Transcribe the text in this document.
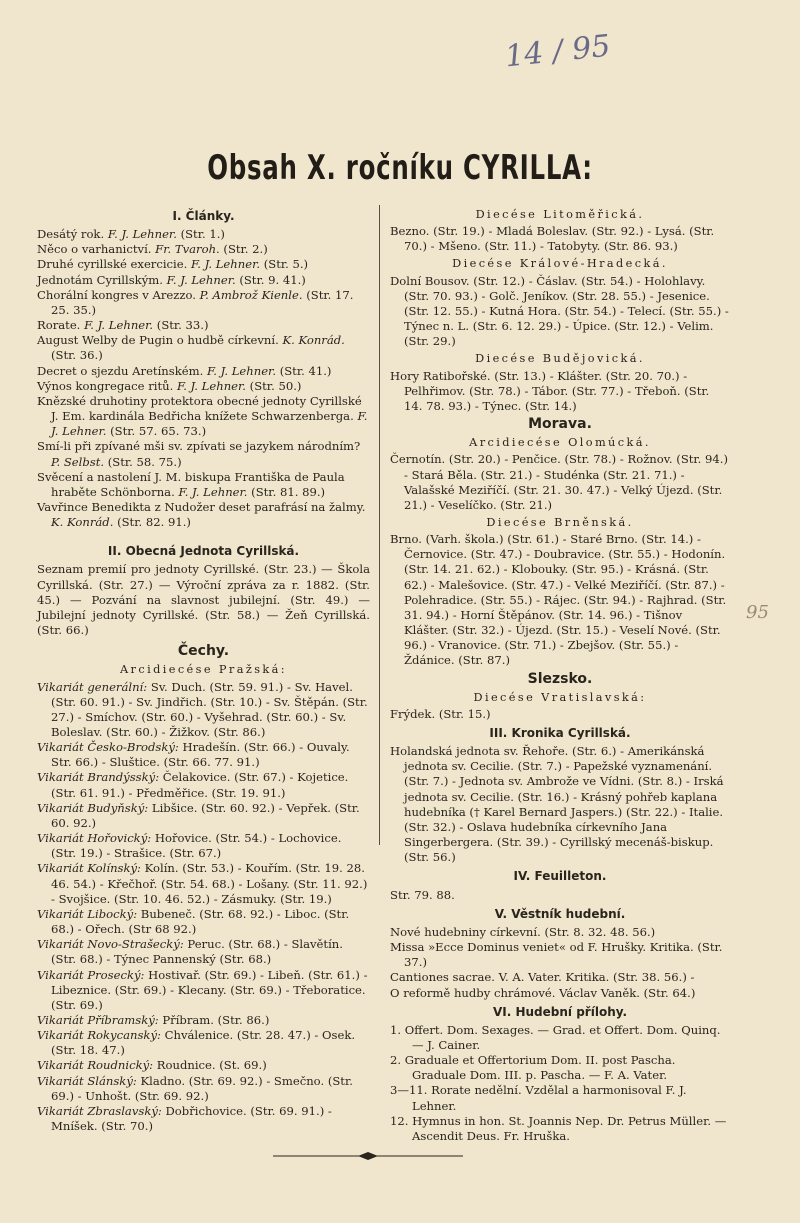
14 / 95
95
Obsah X. ročníku CYRILLA:
I. Články.

Desátý rok. F. J. Lehner. (Str. 1.)

Něco o varhanictví. Fr. Tvaroh. (Str. 2.)

Druhé cyrillské exercicie. F. J. Lehner. (Str. 5.)

Jednotám Cyrillským. F. J. Lehner. (Str. 9. 41.)

Chorální kongres v Arezzo. P. Ambrož Kienle. (Str. 17. 25. 35.)

Rorate. F. J. Lehner. (Str. 33.)

August Welby de Pugin o hudbě církevní. K. Konrád. (Str. 36.)

Decret o sjezdu Aretínském. F. J. Lehner. (Str. 41.)

Výnos kongregace ritů. F. J. Lehner. (Str. 50.)

Knězské druhotiny protektora obecné jednoty Cyrillské J. Em. kardinála Bedřicha knížete Schwarzenberga. F. J. Lehner. (Str. 57. 65. 73.)

Smí-li při zpívané mši sv. zpívati se jazykem národním? P. Selbst. (Str. 58. 75.)

Svěcení a nastolení J. M. biskupa Františka de Paula hraběte Schönborna. F. J. Lehner. (Str. 81. 89.)

Vavřince Benedikta z Nudožer deset parafrásí na žalmy. K. Konrád. (Str. 82. 91.)

II. Obecná Jednota Cyrillská.

Seznam premií pro jednoty Cyrillské. (Str. 23.) — Škola Cyrillská. (Str. 27.) — Výroční zpráva za r. 1882. (Str. 45.) — Pozvání na slavnost jubilejní. (Str. 49.) — Jubilejní jednoty Cyrillské. (Str. 58.) — Žeň Cyrillská. (Str. 66.)

Čechy.
Arcidiecése Pražská:

Vikariát generální: Sv. Duch. (Str. 59. 91.) - Sv. Havel. (Str. 60. 91.) - Sv. Jindřich. (Str. 10.) - Sv. Štěpán. (Str. 27.) - Smíchov. (Str. 60.) - Vyšehrad. (Str. 60.) - Sv. Boleslav. (Str. 60.) - Žižkov. (Str. 86.)

Vikariát Česko-Brodský: Hradešín. (Str. 66.) - Ouvaly. Str. 66.) - Sluštice. (Str. 66. 77. 91.)

Vikariát Brandýsský: Čelakovice. (Str. 67.) - Kojetice. (Str. 61. 91.) - Předměřice. (Str. 19. 91.)

Vikariát Budyňský: Libšice. (Str. 60. 92.) - Vepřek. (Str. 60. 92.)

Vikariát Hořovický: Hořovice. (Str. 54.) - Lochovice. (Str. 19.) - Strašice. (Str. 67.)

Vikariát Kolínský: Kolín. (Str. 53.) - Kouřím. (Str. 19. 28. 46. 54.) - Křečhoř. (Str. 54. 68.) - Lošany. (Str. 11. 92.) - Svojšice. (Str. 10. 46. 52.) - Zásmuky. (Str. 19.)

Vikariát Libocký: Bubeneč. (Str. 68. 92.) - Liboc. (Str. 68.) - Ořech. (Str 68 92.)

Vikariát Novo-Strašecký: Peruc. (Str. 68.) - Slavětín. (Str. 68.) - Týnec Pannenský (Str. 68.)

Vikariát Prosecký: Hostivař. (Str. 69.) - Libeň. (Str. 61.) - Libeznice. (Str. 69.) - Klecany. (Str. 69.) - Třeboratice. (Str. 69.)

Vikariát Příbramský: Příbram. (Str. 86.)

Vikariát Rokycanský: Chválenice. (Str. 28. 47.) - Osek. (Str. 18. 47.)

Vikariát Roudnický: Roudnice. (St. 69.)

Vikariát Slánský: Kladno. (Str. 69. 92.) - Smečno. (Str. 69.) - Unhošt. (Str. 69. 92.)

Vikariát Zbraslavský: Dobřichovice. (Str. 69. 91.) - Mníšek. (Str. 70.)

Diecése Litoměřická.

Bezno. (Str. 19.) - Mladá Boleslav. (Str. 92.) - Lysá. (Str. 70.) - Mšeno. (Str. 11.) - Tatobyty. (Str. 86. 93.)

Diecése Králové-Hradecká.

Dolní Bousov. (Str. 12.) - Čáslav. (Str. 54.) - Holohlavy. (Str. 70. 93.) - Golč. Jeníkov. (Str. 28. 55.) - Jesenice. (Str. 12. 55.) - Kutná Hora. (Str. 54.) - Telecí. (Str. 55.) - Týnec n. L. (Str. 6. 12. 29.) - Úpice. (Str. 12.) - Velim. (Str. 29.)

Diecése Budějovická.

Hory Ratibořské. (Str. 13.) - Klášter. (Str. 20. 70.) - Pelhřimov. (Str. 78.) - Tábor. (Str. 77.) - Třeboň. (Str. 14. 78. 93.) - Týnec. (Str. 14.)

Morava.
Arcidiecése Olomúcká.

Černotín. (Str. 20.) - Penčice. (Str. 78.) - Rožnov. (Str. 94.) - Stará Běla. (Str. 21.) - Studénka (Str. 21. 71.) - Valašské Meziříčí. (Str. 21. 30. 47.) - Velký Újezd. (Str. 21.) - Veselíčko. (Str. 21.)

Diecése Brněnská.

Brno. (Varh. škola.) (Str. 61.) - Staré Brno. (Str. 14.) - Černovice. (Str. 47.) - Doubravice. (Str. 55.) - Hodonín. (Str. 14. 21. 62.) - Klobouky. (Str. 95.) - Krásná. (Str. 62.) - Malešovice. (Str. 47.) - Velké Meziříčí. (Str. 87.) - Polehradice. (Str. 55.) - Rájec. (Str. 94.) - Rajhrad. (Str. 31. 94.) - Horní Štěpánov. (Str. 14. 96.) - Tišnov Klášter. (Str. 32.) - Újezd. (Str. 15.) - Veselí Nové. (Str. 96.) - Vranovice. (Str. 71.) - Zbejšov. (Str. 55.) - Ždánice. (Str. 87.)

Slezsko.
Diecése Vratislavská:

Frýdek. (Str. 15.)

III. Kronika Cyrillská.

Holandská jednota sv. Řehoře. (Str. 6.) - Amerikánská jednota sv. Cecilie. (Str. 7.) - Papežské vyznamenání. (Str. 7.) - Jednota sv. Ambrože ve Vídni. (Str. 8.) - Irská jednota sv. Cecilie. (Str. 16.) - Krásný pohřeb kaplana hudebníka († Karel Bernard Jaspers.) (Str. 22.) - Italie. (Str. 32.) - Oslava hudebníka církevního Jana Singerbergera. (Str. 39.) - Cyrillský mecenáš-biskup. (Str. 56.)

IV. Feuilleton.

Str. 79. 88.

V. Věstník hudební.

Nové hudebniny církevní. (Str. 8. 32. 48. 56.)

Missa »Ecce Dominus veniet« od F. Hrušky. Kritika. (Str. 37.)

Cantiones sacrae. V. A. Vater. Kritika. (Str. 38. 56.) -

O reformě hudby chrámové. Václav Vaněk. (Str. 64.)

VI. Hudební přílohy.

1. Offert. Dom. Sexages. — Grad. et Offert. Dom. Quinq. — J. Cainer.

2. Graduale et Offertorium Dom. II. post Pascha. Graduale Dom. III. p. Pascha. — F. A. Vater.

3—11. Rorate nedělní. Vzdělal a harmonisoval F. J. Lehner.

12. Hymnus in hon. St. Joannis Nep. Dr. Petrus Müller. — Ascendit Deus. Fr. Hruška.
